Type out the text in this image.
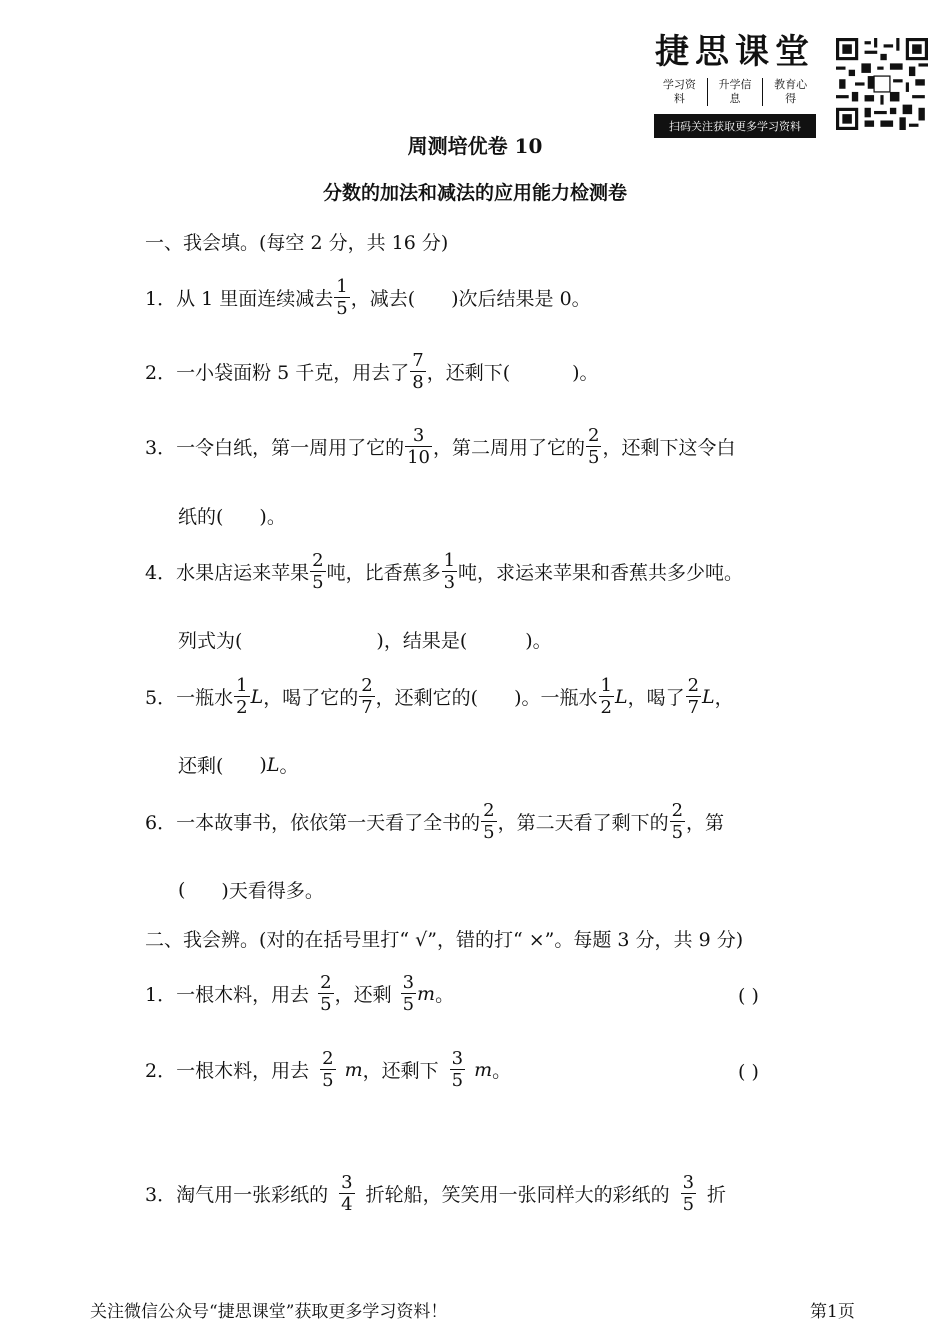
捷思课堂
学习资料
升学信息
教育心得
扫码关注获取更多学习资料
周测培优卷 10
分数的加法和减法的应用能力检测卷
一、我会填。(每空 2 分，共 16 分)
1． 从 1 里面连续减去 $\frac{1}{5}$ ，减去( )次后结果是 0。
2． 一小袋面粉 5 千克，用去了 $\frac{7}{8}$ ，还剩下(	)。
3． 一令白纸，第一周用了它的 $\frac{3}{10}$ ，第二周用了它的 $\frac{2}{5}$ ，还剩下这令白
纸的( )。
4． 水果店运来苹果 $\frac{2}{5}$ 吨，比香蕉多 $\frac{1}{3}$ 吨，求运来苹果和香蕉共多少吨。
列式为(	)，结果是(	)。
5． 一瓶水 $\frac{1}{2}$ L ，喝了它的 $\frac{2}{7}$ ，还剩它的( )。一瓶水 $\frac{1}{2}$ L ，喝了 $\frac{2}{7}$ L ，
还剩( ) L 。
6． 一本故事书，依依第一天看了全书的 $\frac{2}{5}$ ，第二天看了剩下的 $\frac{2}{5}$ ，第
( )天看得多。
二、我会辨。(对的在括号里打“ √”，错的打“ ×”。每题 3 分，共 9 分)
1． 一根木料，用去 $\frac{2}{5}$ ，还剩 $\frac{3}{5}$ m 。	( )
2． 一根木料，用去 $\frac{2}{5}$ m ，还剩下 $\frac{3}{5}$ m 。	( )
3． 淘气用一张彩纸的 $\frac{3}{4}$ 折轮船，笑笑用一张同样大的彩纸的 $\frac{3}{5}$ 折
关注微信公众号“捷思课堂”获取更多学习资料！	第1页
